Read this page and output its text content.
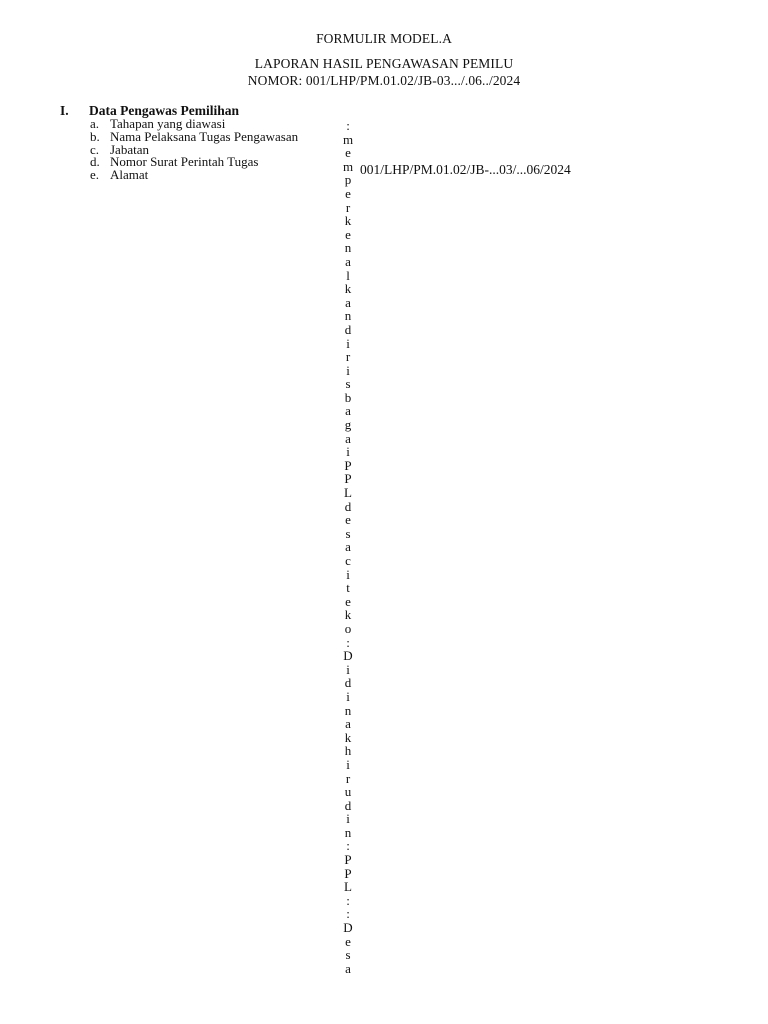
FORMULIR MODEL.A
LAPORAN HASIL PENGAWASAN PEMILU
NOMOR: 001/LHP/PM.01.02/JB-03.../.06../2024
I. Data Pengawas Pemilihan
a. Tahapan yang diawasi
b. Nama Pelaksana Tugas Pengawasan
c. Jabatan
d. Nomor Surat Perintah Tugas
e. Alamat
:
m
e
m
p
e
r
k
e
n
a
l
k
a
n
d
i
r
i
s
b
a
g
a
i
P
P
L
d
e
s
a
c
i
t
e
k
o
:
D
i
d
i
n
a
k
h
i
r
u
d
i
n
:
P
P
L
:
:
D
e
s
a
001/LHP/PM.01.02/JB-...03/...06/2024
